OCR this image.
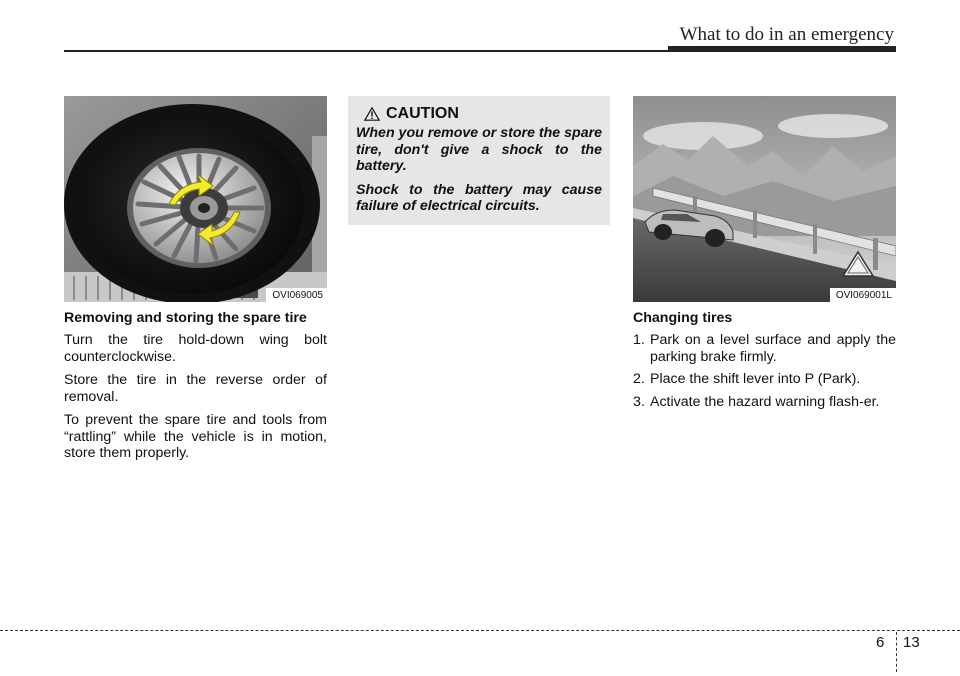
What to do in an emergency
OVI069005
Removing and storing the spare tire

Turn the tire hold-down wing bolt counterclockwise.

Store the tire in the reverse order of removal.

To prevent the spare tire and tools from “rattling” while the vehicle is in motion, store them properly.

CAUTION

When you remove or store the spare tire, don't give a shock to the battery.

Shock to the battery may cause failure of electrical circuits.

OVI069001L
Changing tires
1. Park on a level surface and apply the parking brake firmly.
2. Place the shift lever into P (Park).
3. Activate the hazard warning flash-er.
6 13
